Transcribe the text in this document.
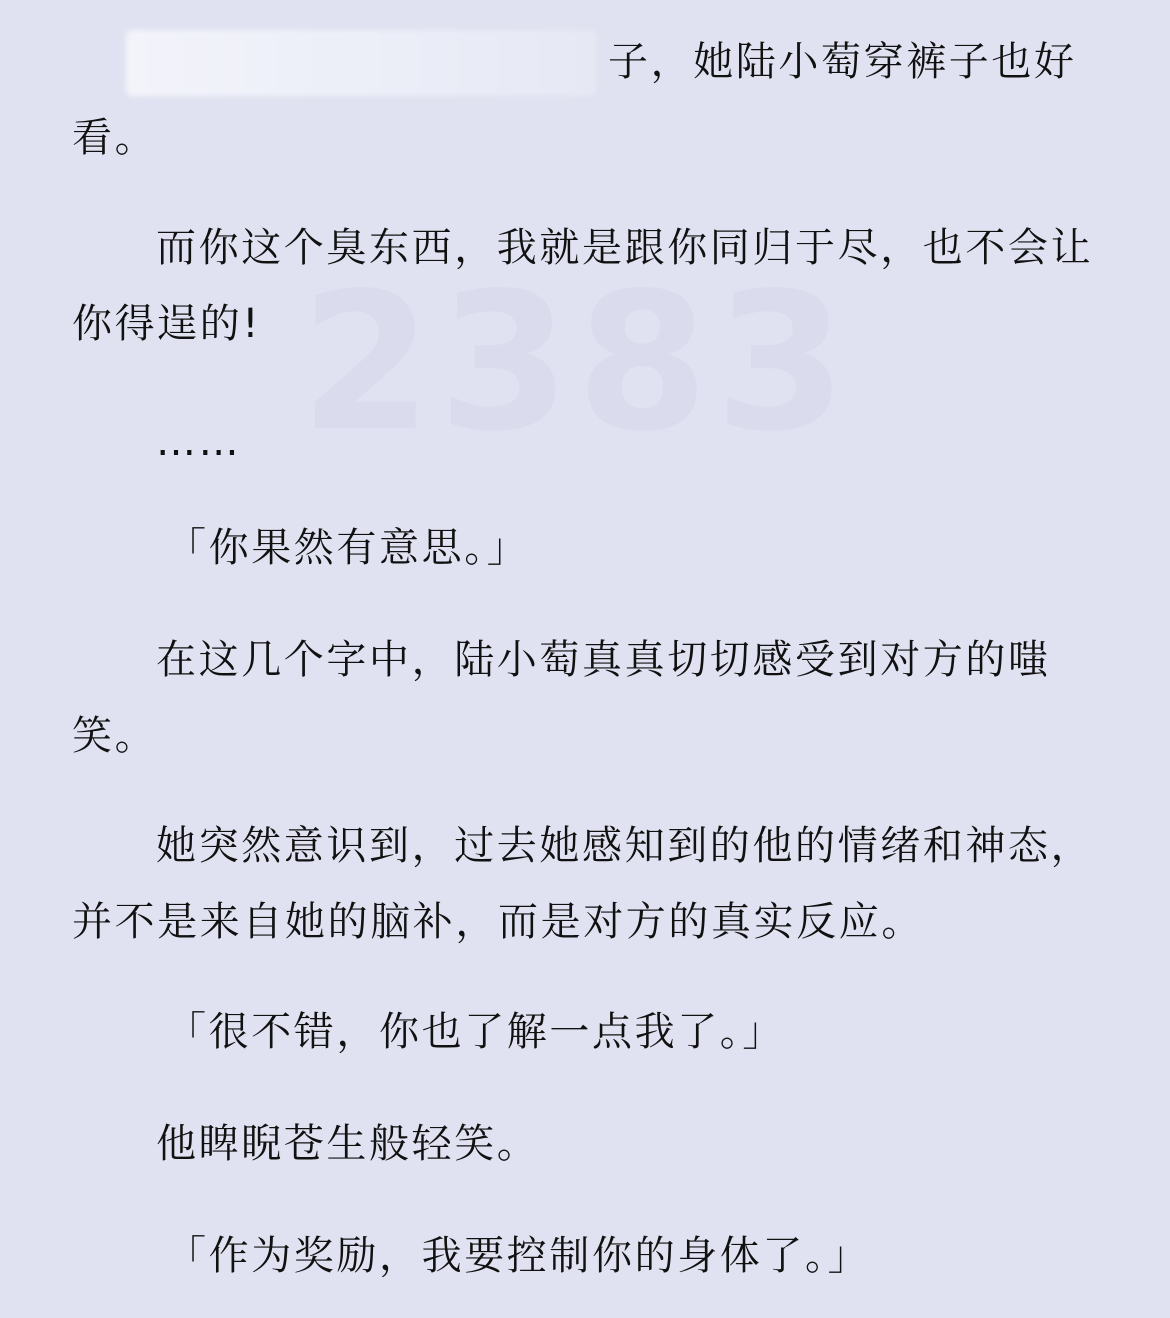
2383
子，她陆小萄穿裤子也好
看。
而你这个臭东西，我就是跟你同归于尽，也不会让
你得逞的!
……
「你果然有意思。」
在这几个字中，陆小萄真真切切感受到对方的嗤
笑。
她突然意识到，过去她感知到的他的情绪和神态，
并不是来自她的脑补，而是对方的真实反应。
「很不错，你也了解一点我了。」
他睥睨苍生般轻笑。
「作为奖励，我要控制你的身体了。」
